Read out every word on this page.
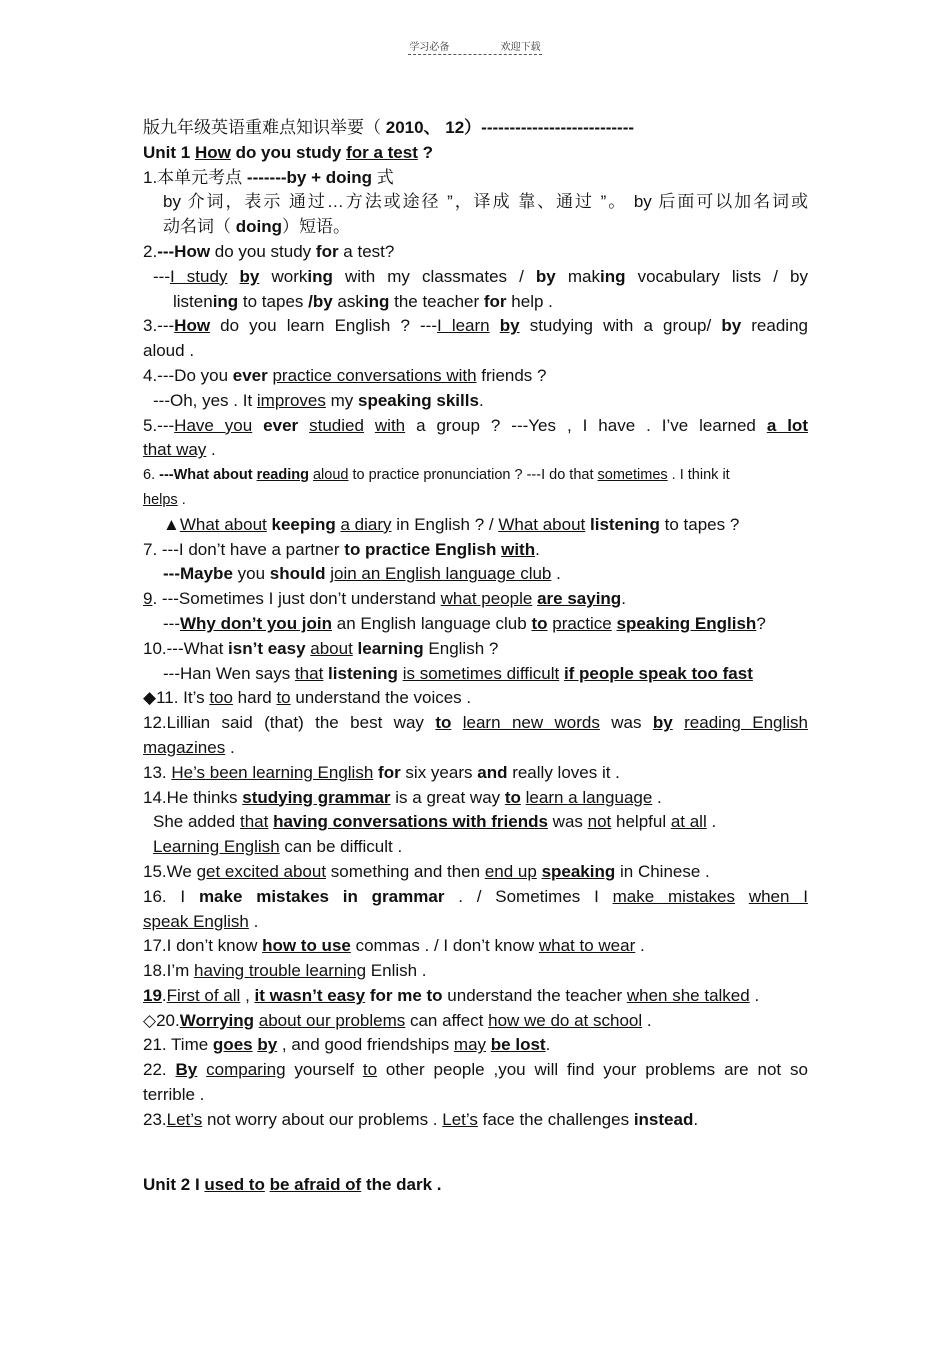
学习必备	欢迎下载
版九年级英语重难点知识举要（ 2010、 12）---------------------------
Unit 1 How do you study for a test ?
1.本单元考点 -------by + doing 式
by 介词，表示 通过…方法或途径 ”，译成 靠、通过 ”。 by 后面可以加名词或
动名词（ doing）短语。
2.---How do you study for a test?
---I study by working with my classmates / by making vocabulary lists / by
listening to tapes /by asking the teacher for help .
3.---How do you learn English ? ---I learn by studying with a group/ by reading
aloud .
4.---Do you ever practice conversations with friends ?
---Oh, yes . It improves my speaking skills.
5.---Have you ever studied with a group ? ---Yes , I have . I’ve learned a lot
that way .
6. ---What about reading aloud to practice pronunciation ? ---I do that sometimes . I think it
helps .
▲What about keeping a diary in English ? / What about listening to tapes ?
7. ---I don’t have a partner to practice English with.
---Maybe you should join an English language club .
9. ---Sometimes I just don’t understand what people are saying.
---Why don’t you join an English language club to practice speaking English?
10.---What isn’t easy about learning English ?
---Han Wen says that listening is sometimes difficult if people speak too fast
◆11. It’s too hard to understand the voices .
12.Lillian said (that) the best way to learn new words was by reading English
magazines .
13. He’s been learning English for six years and really loves it .
14.He thinks studying grammar is a great way to learn a language .
She added that having conversations with friends was not helpful at all .
Learning English can be difficult .
15.We get excited about something and then end up speaking in Chinese .
16. I make mistakes in grammar . / Sometimes I make mistakes when I
speak English .
17.I don’t know how to use commas . / I don’t know what to wear .
18.I’m having trouble learning Enlish .
19.First of all , it wasn’t easy for me to understand the teacher when she talked .
◇20.Worrying about our problems can affect how we do at school .
21. Time goes by , and good friendships may be lost.
22. By comparing yourself to other people ,you will find your problems are not so
terrible .
23.Let’s not worry about our problems . Let’s face the challenges instead.
Unit 2 I used to be afraid of the dark .
